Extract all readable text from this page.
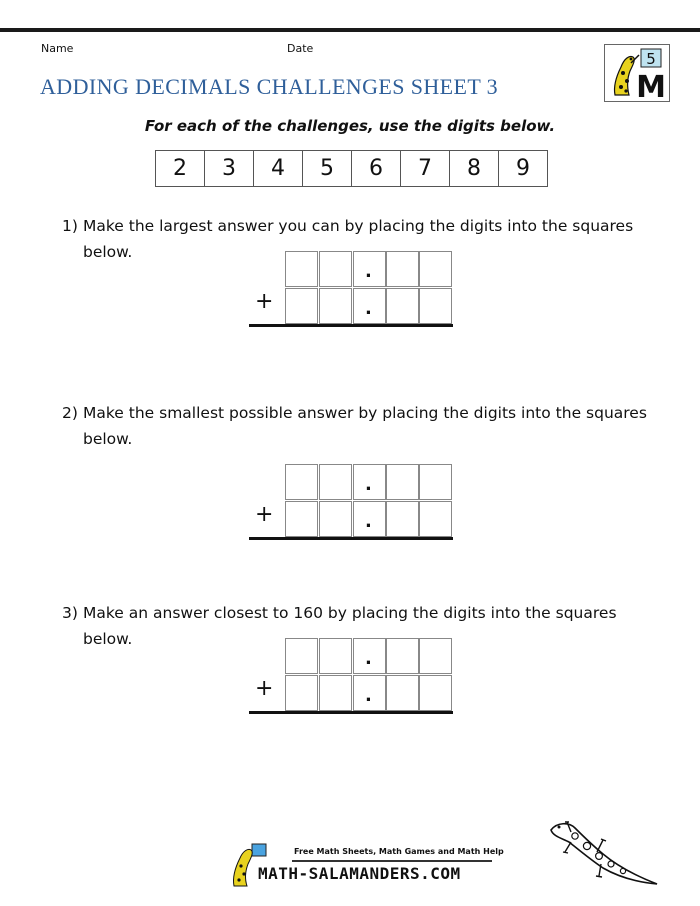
Name	Date
ADDING DECIMALS CHALLENGES SHEET 3
5
M
For each of the challenges, use the digits below.
2	3	4	5	6	7	8	9
1) Make the largest answer you can by placing the digits into the squares below.
.
.
+
2) Make the smallest possible answer by placing the digits into the squares below.
.
.
+
3) Make an answer closest to 160 by placing the digits into the squares below.
.
.
+
Free Math Sheets, Math Games and Math Help
MATH-SALAMANDERS.COM
